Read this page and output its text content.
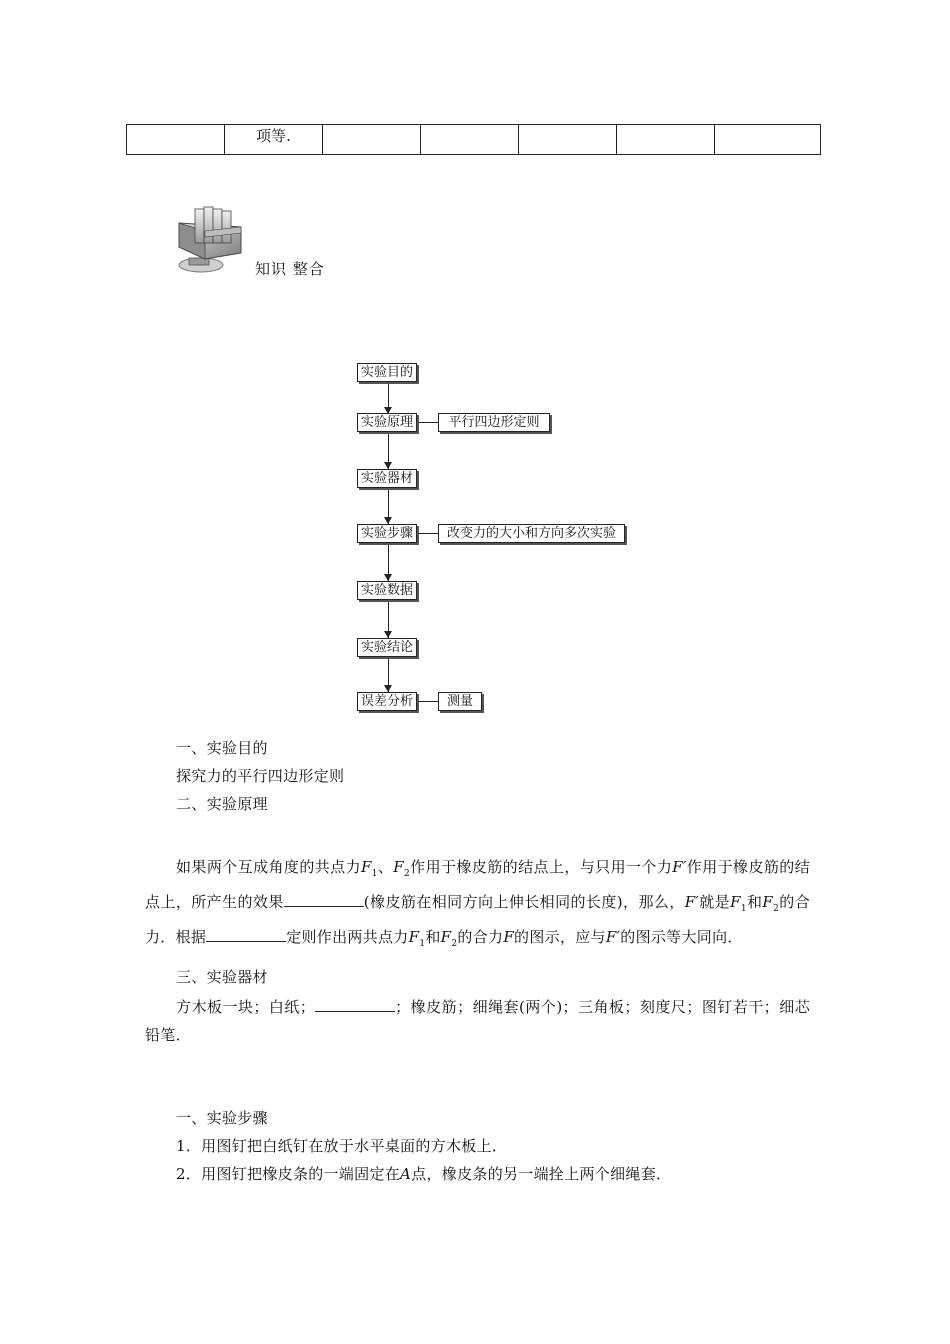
	项等.					
知识 整合
实验目的
实验原理
实验器材
实验步骤
实验数据
实验结论
误差分析
平行四边形定则
改变力的大小和方向多次实验
测量
一、实验目的
探究力的平行四边形定则
二、实验原理
如果两个互成角度的共点力$F_1$、$F_2$作用于橡皮筋的结点上，与只用一个力F′作用于橡皮筋的结点上，所产生的效果	(橡皮筋在相同方向上伸长相同的长度)，那么，F′就是$F_1$和$F_2$的合力．根据	定则作出两共点力$F_1$和$F_2$的合力F的图示，应与F′的图示等大同向．
三、实验器材
方木板一块；白纸；	；橡皮筋；细绳套(两个)；三角板；刻度尺；图钉若干；细芯铅笔．
一、实验步骤
1．用图钉把白纸钉在放于水平桌面的方木板上．
2．用图钉把橡皮条的一端固定在A点，橡皮条的另一端拴上两个细绳套．
